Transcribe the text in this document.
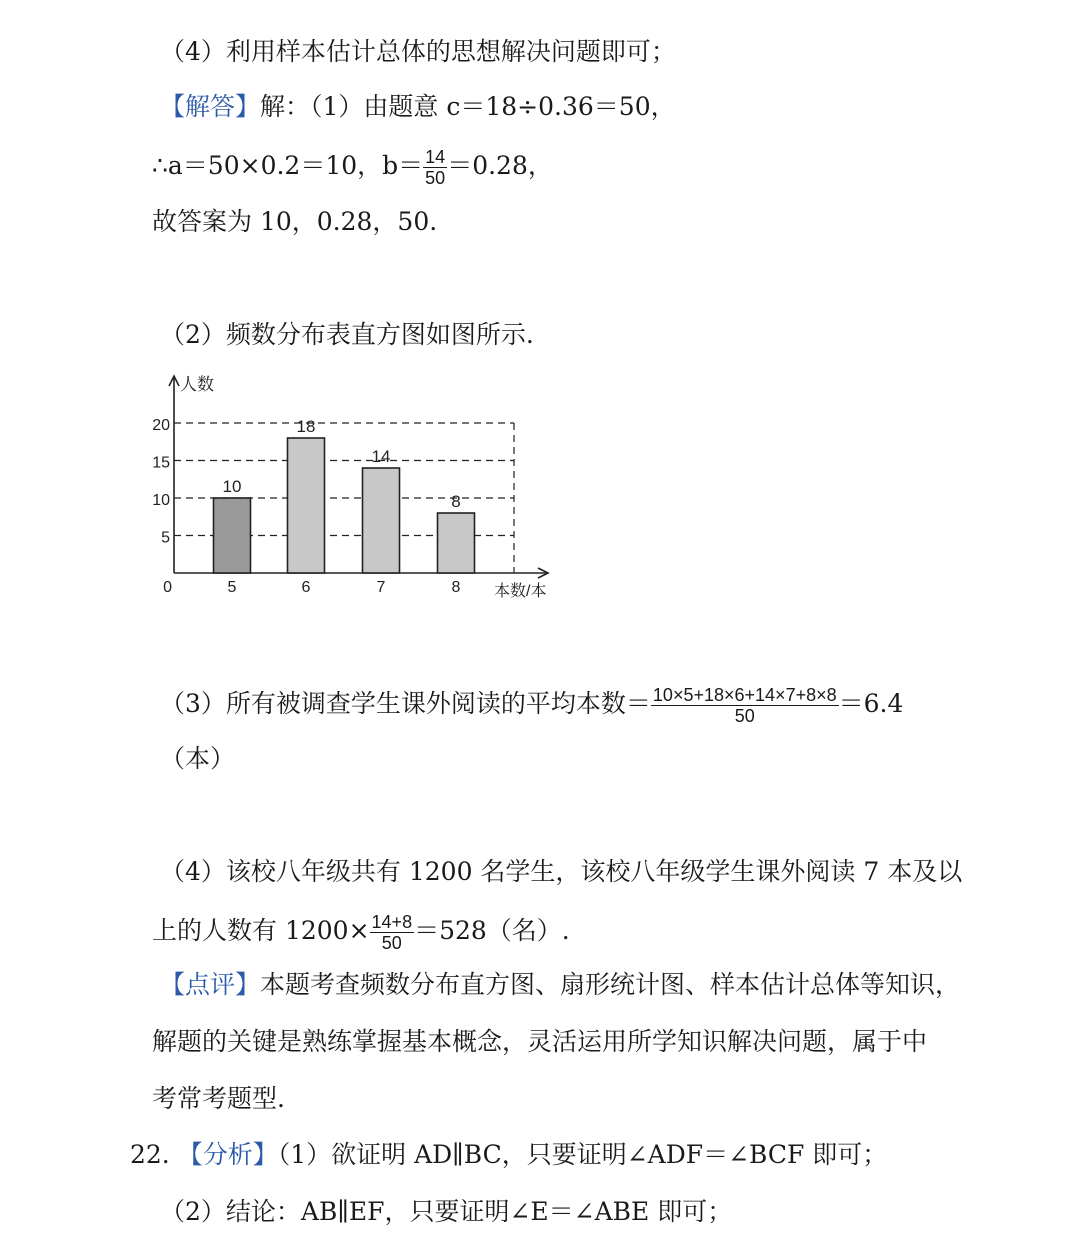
（4）利用样本估计总体的思想解决问题即可；
【解答】解：（1）由题意 c＝18÷0.36＝50，
∴a＝50×0.2＝10，$b= \frac{14}{50} =0.28$，
故答案为 10，0.28，50.
（2）频数分布表直方图如图所示.
5
10
15
20
人数
本数/本
0
10
5
18
6
14
7
8
8
（3）所有被调查学生课外阅读的平均本数＝ $\frac{10\times 5+18\times 6+14\times 7+8\times 8}{50} =6.4$
（本）
（4）该校八年级共有 1200 名学生，该校八年级学生课外阅读 7 本及以
上的人数有 $1200\times \frac{14+8}{50} =528$（名）.
【点评】本题考查频数分布直方图、扇形统计图、样本估计总体等知识，
解题的关键是熟练掌握基本概念，灵活运用所学知识解决问题，属于中
考常考题型.
22. 【分析】（1）欲证明 AD∥BC，只要证明∠ADF＝∠BCF 即可；
（2）结论：AB∥EF，只要证明∠E＝∠ABE 即可；
